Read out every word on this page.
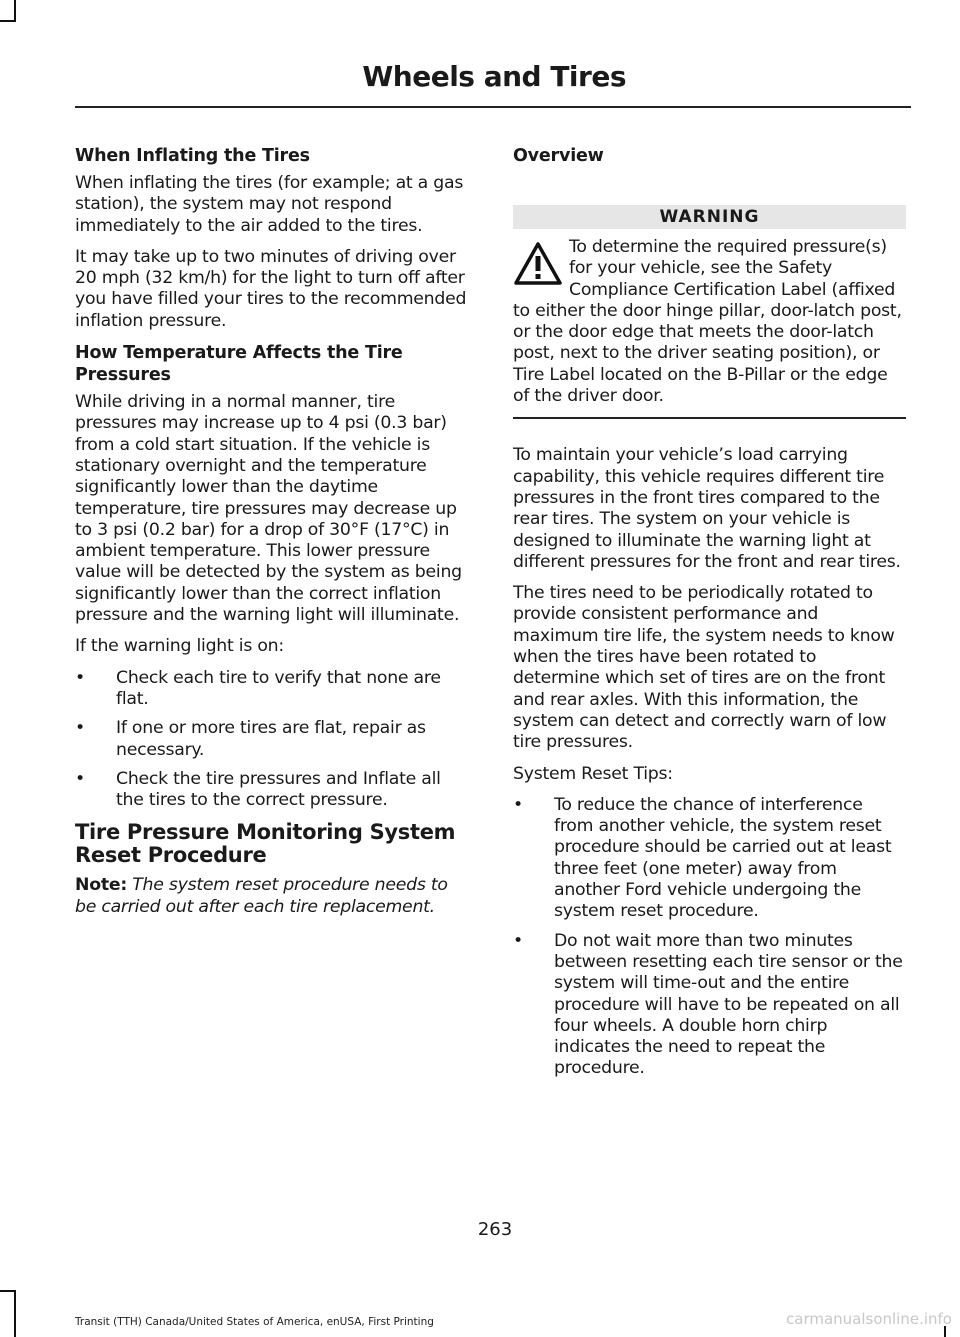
Wheels and Tires
When Inflating the Tires

When inflating the tires (for example; at a gas station), the system may not respond immediately to the air added to the tires.

It may take up to two minutes of driving over 20 mph (32 km/h) for the light to turn off after you have filled your tires to the recommended inflation pressure.

How Temperature Affects the Tire Pressures

While driving in a normal manner, tire pressures may increase up to 4 psi (0.3 bar) from a cold start situation. If the vehicle is stationary overnight and the temperature significantly lower than the daytime temperature, tire pressures may decrease up to 3 psi (0.2 bar) for a drop of 30°F (17°C) in ambient temperature. This lower pressure value will be detected by the system as being significantly lower than the correct inflation pressure and the warning light will illuminate.

If the warning light is on:

• Check each tire to verify that none are flat.
• If one or more tires are flat, repair as necessary.
• Check the tire pressures and Inflate all the tires to the correct pressure.
Tire Pressure Monitoring System Reset Procedure

Note: The system reset procedure needs to be carried out after each tire replacement.

Overview
WARNING
To determine the required pressure(s) for your vehicle, see the Safety Compliance Certification Label (affixed to either the door hinge pillar, door-latch post, or the door edge that meets the door-latch post, next to the driver seating position), or Tire Label located on the B-Pillar or the edge of the driver door.

To maintain your vehicle’s load carrying capability, this vehicle requires different tire pressures in the front tires compared to the rear tires. The system on your vehicle is designed to illuminate the warning light at different pressures for the front and rear tires.

The tires need to be periodically rotated to provide consistent performance and maximum tire life, the system needs to know when the tires have been rotated to determine which set of tires are on the front and rear axles. With this information, the system can detect and correctly warn of low tire pressures.

System Reset Tips:

• To reduce the chance of interference from another vehicle, the system reset procedure should be carried out at least three feet (one meter) away from another Ford vehicle undergoing the system reset procedure.
• Do not wait more than two minutes between resetting each tire sensor or the system will time-out and the entire procedure will have to be repeated on all four wheels. A double horn chirp indicates the need to repeat the procedure.
263
Transit (TTH) Canada/United States of America, enUSA, First Printing	carmanualsonline.info
